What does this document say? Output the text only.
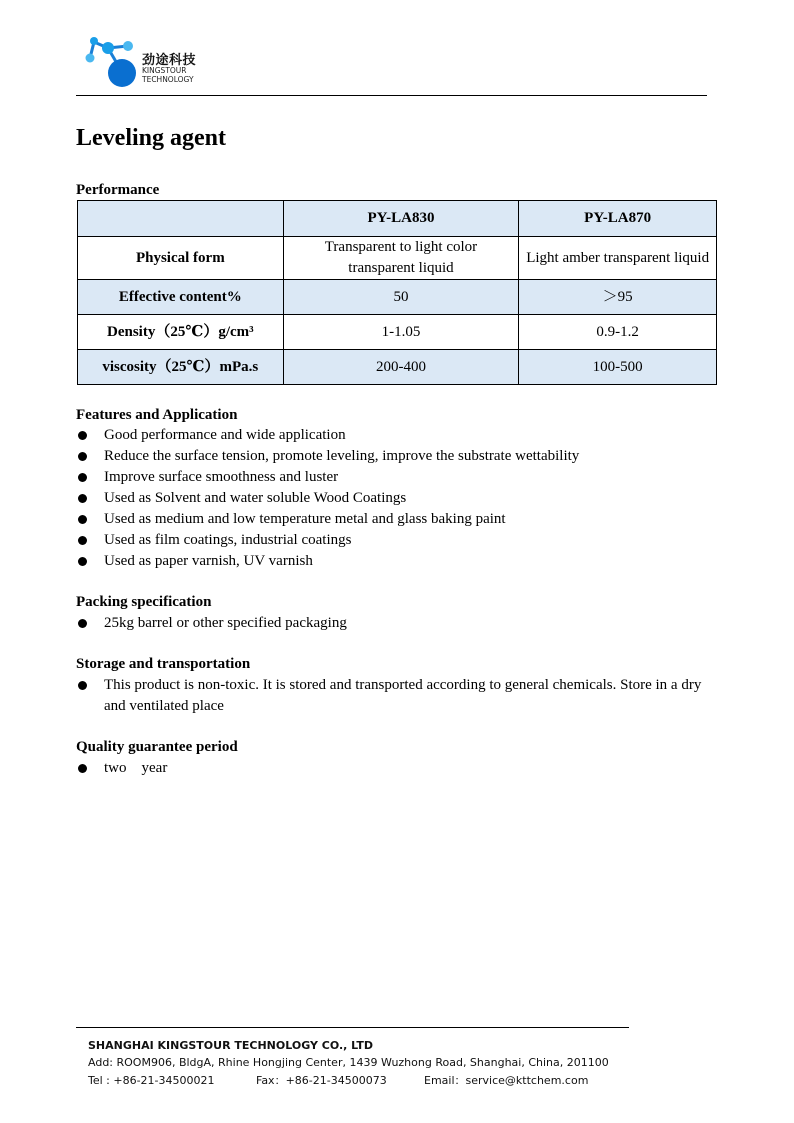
劲途科技
KINGSTOUR
TECHNOLOGY
Leveling agent
Performance
	PY-LA830	PY-LA870
Physical form	Transparent to light color transparent liquid	Light amber transparent liquid
Effective content%	50	＞95
Density（25℃）g/cm³	1-1.05	0.9-1.2
viscosity（25℃）mPa.s	200-400	100-500
Features and Application
Good performance and wide application
Reduce the surface tension, promote leveling, improve the substrate wettability
Improve surface smoothness and luster
Used as Solvent and water soluble Wood Coatings
Used as medium and low temperature metal and glass baking paint
Used as film coatings, industrial coatings
Used as paper varnish, UV varnish
Packing specification
25kg barrel or other specified packaging
Storage and transportation
This product is non-toxic. It is stored and transported according to general chemicals. Store in a dry and ventilated place
Quality guarantee period
two　year
SHANGHAI KINGSTOUR TECHNOLOGY CO., LTD
Add: ROOM906, BldgA, Rhine Hongjing Center, 1439 Wuzhong Road, Shanghai, China, 201100
Tel : +86-21-34500021	Fax：+86-21-34500073	Email：service@kttchem.com
